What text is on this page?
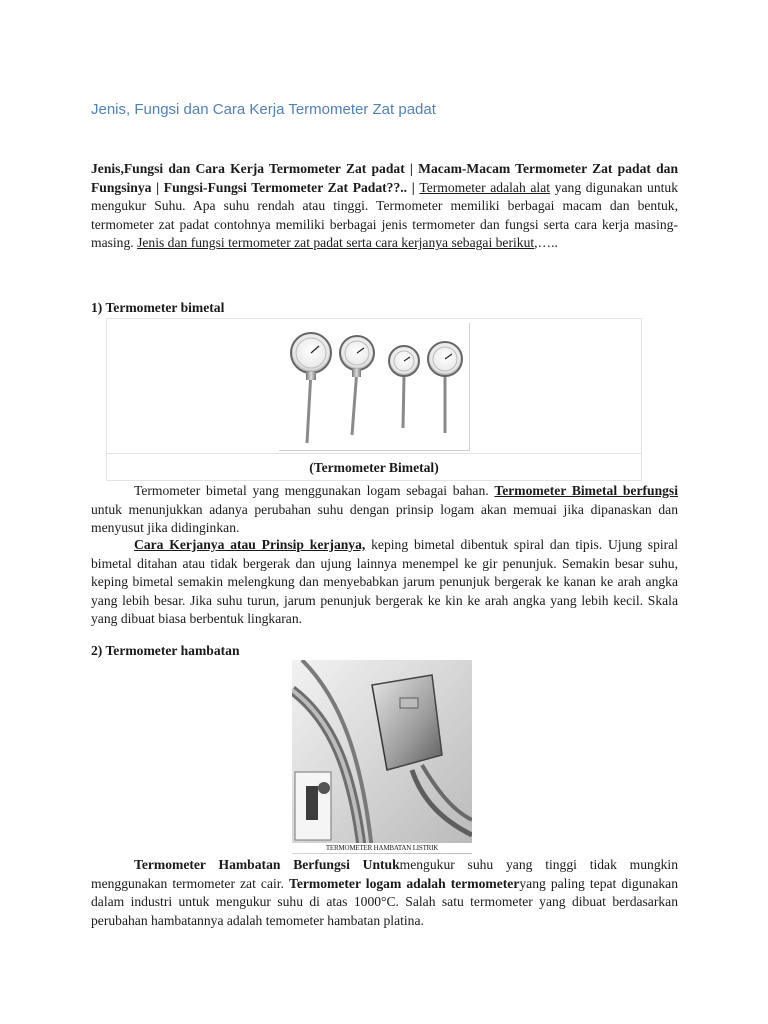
Jenis, Fungsi dan Cara Kerja Termometer Zat padat

Jenis,Fungsi dan Cara Kerja Termometer Zat padat | Macam-Macam Termometer Zat padat dan Fungsinya | Fungsi-Fungsi Termometer Zat Padat??.. | Termometer adalah alat yang digunakan untuk mengukur Suhu. Apa suhu rendah atau tinggi. Termometer memiliki berbagai macam dan bentuk, termometer zat padat contohnya memiliki berbagai jenis termometer dan fungsi serta cara kerja masing-masing. Jenis dan fungsi termometer zat padat serta cara kerjanya sebagai berikut,…..

1) Termometer bimetal
(Termometer Bimetal)

Termometer bimetal yang menggunakan logam sebagai bahan. Termometer Bimetal berfungsi untuk menunjukkan adanya perubahan suhu dengan prinsip logam akan memuai jika dipanaskan dan menyusut jika didinginkan.

Cara Kerjanya atau Prinsip kerjanya, keping bimetal dibentuk spiral dan tipis. Ujung spiral bimetal ditahan atau tidak bergerak dan ujung lainnya menempel ke gir penunjuk. Semakin besar suhu, keping bimetal semakin melengkung dan menyebabkan jarum penunjuk bergerak ke kanan ke arah angka yang lebih besar. Jika suhu turun, jarum penunjuk bergerak ke kin ke arah angka yang lebih kecil. Skala yang dibuat biasa berbentuk lingkaran.

2) Termometer hambatan
TERMOMETER HAMBATAN LISTRIK

Termometer Hambatan Berfungsi Untukmengukur suhu yang tinggi tidak mungkin menggunakan termometer zat cair. Termometer logam adalah termometeryang paling tepat digunakan dalam industri untuk mengukur suhu di atas 1000°C. Salah satu termometer yang dibuat berdasarkan perubahan hambatannya adalah temometer hambatan platina.
